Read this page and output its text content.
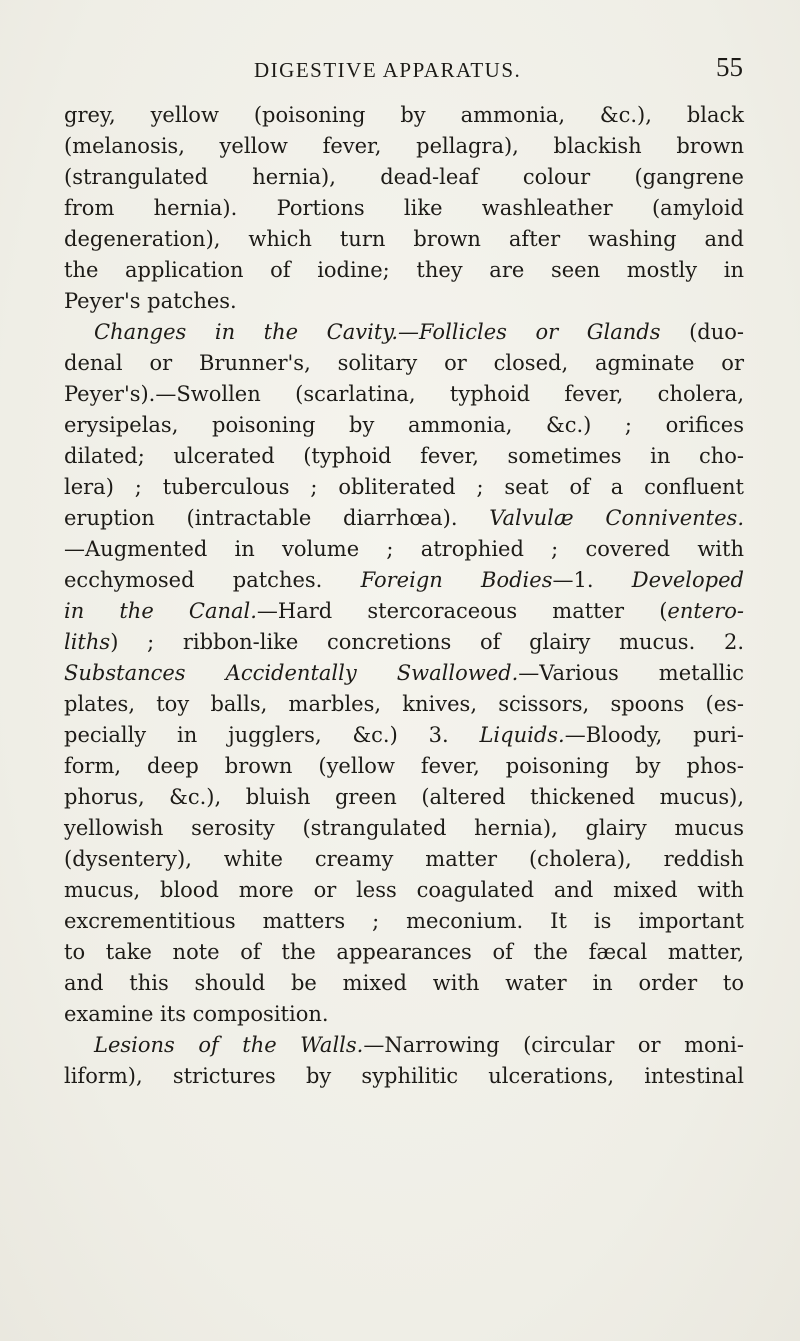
DIGESTIVE APPARATUS.	55
grey, yellow (poisoning by ammonia, &c.), black
(melanosis, yellow fever, pellagra), blackish brown
(strangulated hernia), dead-leaf colour (gangrene
from hernia). Portions like washleather (amyloid
degeneration), which turn brown after washing and
the application of iodine; they are seen mostly in
Peyer's patches.
Changes in the Cavity.—Follicles or Glands (duo-
denal or Brunner's, solitary or closed, agminate or
Peyer's).—Swollen (scarlatina, typhoid fever, cholera,
erysipelas, poisoning by ammonia, &c.) ; orifices
dilated; ulcerated (typhoid fever, sometimes in cho-
lera) ; tuberculous ; obliterated ; seat of a confluent
eruption (intractable diarrhœa). Valvulæ Conniventes.
—Augmented in volume ; atrophied ; covered with
ecchymosed patches. Foreign Bodies—1. Developed
in the Canal.—Hard stercoraceous matter (entero-
liths) ; ribbon-like concretions of glairy mucus. 2.
Substances Accidentally Swallowed.—Various metallic
plates, toy balls, marbles, knives, scissors, spoons (es-
pecially in jugglers, &c.) 3. Liquids.—Bloody, puri-
form, deep brown (yellow fever, poisoning by phos-
phorus, &c.), bluish green (altered thickened mucus),
yellowish serosity (strangulated hernia), glairy mucus
(dysentery), white creamy matter (cholera), reddish
mucus, blood more or less coagulated and mixed with
excrementitious matters ; meconium. It is important
to take note of the appearances of the fæcal matter,
and this should be mixed with water in order to
examine its composition.
Lesions of the Walls.—Narrowing (circular or moni-
liform), strictures by syphilitic ulcerations, intestinal
